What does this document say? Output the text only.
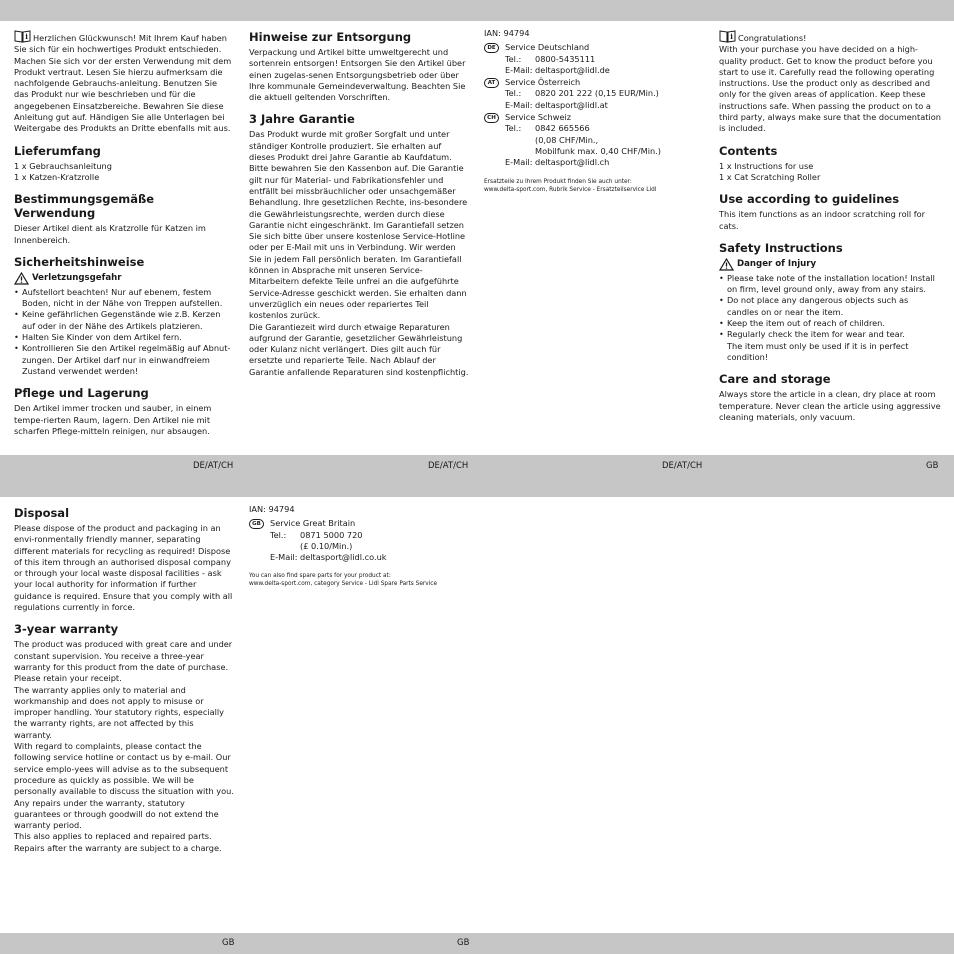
DE/AT/CH	DE/AT/CH	DE/AT/CH	GB
GB	GB

i Herzlichen Glückwunsch! Mit Ihrem Kauf haben Sie sich für ein hochwertiges Produkt entschieden. Machen Sie sich vor der ersten Verwendung mit dem Produkt vertraut. Lesen Sie hierzu aufmerksam die nachfolgende Gebrauchs-anleitung. Benutzen Sie das Produkt nur wie beschrieben und für die angegebenen Einsatzbereiche. Bewahren Sie diese Anleitung gut auf. Händigen Sie alle Unterlagen bei Weitergabe des Produkts an Dritte ebenfalls mit aus.

Lieferumfang

1 x Gebrauchsanleitung

1 x Katzen-Kratzrolle

Bestimmungsgemäße Verwendung

Dieser Artikel dient als Kratzrolle für Katzen im Innenbereich.

Sicherheitshinweise
Verletzungsgefahr

• Aufstellort beachten! Nur auf ebenem, festem Boden, nicht in der Nähe von Treppen aufstellen.

• Keine gefährlichen Gegenstände wie z.B. Kerzen auf oder in der Nähe des Artikels platzieren.

• Halten Sie Kinder von dem Artikel fern.

• Kontrollieren Sie den Artikel regelmäßig auf Abnut-zungen. Der Artikel darf nur in einwandfreiem Zustand verwendet werden!

Pflege und Lagerung

Den Artikel immer trocken und sauber, in einem tempe-rierten Raum, lagern. Den Artikel nie mit scharfen Pflege-mitteln reinigen, nur absaugen.

Hinweise zur Entsorgung

Verpackung und Artikel bitte umweltgerecht und sortenrein entsorgen! Entsorgen Sie den Artikel über einen zugelas-senen Entsorgungsbetrieb oder über Ihre kommunale Gemeindeverwaltung. Beachten Sie die aktuell geltenden Vorschriften.

3 Jahre Garantie

Das Produkt wurde mit großer Sorgfalt und unter ständiger Kontrolle produziert. Sie erhalten auf dieses Produkt drei Jahre Garantie ab Kaufdatum. Bitte bewahren Sie den Kassenbon auf. Die Garantie gilt nur für Material- und Fabrikationsfehler und entfällt bei missbräuchlicher oder unsachgemäßer Behandlung. Ihre gesetzlichen Rechte, ins-besondere die Gewährleistungsrechte, werden durch diese Garantie nicht eingeschränkt. Im Garantiefall setzen Sie sich bitte über unsere kostenlose Service-Hotline oder per E-Mail mit uns in Verbindung. Wir werden Sie in jedem Fall persönlich beraten. Im Garantiefall können in Absprache mit unseren Service-Mitarbeitern defekte Teile unfrei an die aufgeführte Service-Adresse geschickt werden. Sie erhalten dann unverzüglich ein neues oder repariertes Teil kostenlos zurück.

Die Garantiezeit wird durch etwaige Reparaturen aufgrund der Garantie, gesetzlicher Gewährleistung oder Kulanz nicht verlängert. Dies gilt auch für ersetzte und reparierte Teile. Nach Ablauf der Garantie anfallende Reparaturen sind kostenpflichtig.

IAN: 94794

DE	Service Deutschland
Tel.:	0800-5435111
E-Mail: deltasport@lidl.de
AT	Service Österreich
Tel.:	0820 201 222 (0,15 EUR/Min.)
E-Mail: deltasport@lidl.at
CH	Service Schweiz
Tel.:	0842 665566
(0,08 CHF/Min.,
Mobilfunk max. 0,40 CHF/Min.)
E-Mail: deltasport@lidl.ch

Ersatzteile zu Ihrem Produkt finden Sie auch unter:

www.delta-sport.com, Rubrik Service - Ersatzteilservice Lidl

i Congratulations!

With your purchase you have decided on a high-quality product. Get to know the product before you start to use it. Carefully read the following operating instructions. Use the product only as described and only for the given areas of application. Keep these instructions safe. When passing the product on to a third party, always make sure that the documentation is included.

Contents

1 x Instructions for use

1 x Cat Scratching Roller

Use according to guidelines

This item functions as an indoor scratching roll for cats.

Safety Instructions
Danger of Injury

• Please take note of the installation location! Install on firm, level ground only, away from any stairs.

• Do not place any dangerous objects such as candles on or near the item.

• Keep the item out of reach of children.

• Regularly check the item for wear and tear.

The item must only be used if it is in perfect condition!

Care and storage

Always store the article in a clean, dry place at room temperature. Never clean the article using aggressive cleaning materials, only vacuum.

Disposal

Please dispose of the product and packaging in an envi-ronmentally friendly manner, separating different materials for recycling as required! Dispose of this item through an authorised disposal company or through your local waste disposal facilities - ask your local authority for information if further guidance is required. Ensure that you comply with all regulations currently in force.

3-year warranty

The product was produced with great care and under constant supervision. You receive a three-year warranty for this product from the date of purchase. Please retain your receipt.

The warranty applies only to material and workmanship and does not apply to misuse or improper handling. Your statutory rights, especially the warranty rights, are not affected by this warranty.

With regard to complaints, please contact the following service hotline or contact us by e-mail. Our service emplo-yees will advise as to the subsequent procedure as quickly as possible. We will be personally available to discuss the situation with you.

Any repairs under the warranty, statutory guarantees or through goodwill do not extend the warranty period.

This also applies to replaced and repaired parts.

Repairs after the warranty are subject to a charge.

IAN: 94794

GB	Service Great Britain
Tel.:	0871 5000 720
(£ 0.10/Min.)
E-Mail: deltasport@lidl.co.uk

You can also find spare parts for your product at:

www.delta-sport.com, category Service - Lidl Spare Parts Service
